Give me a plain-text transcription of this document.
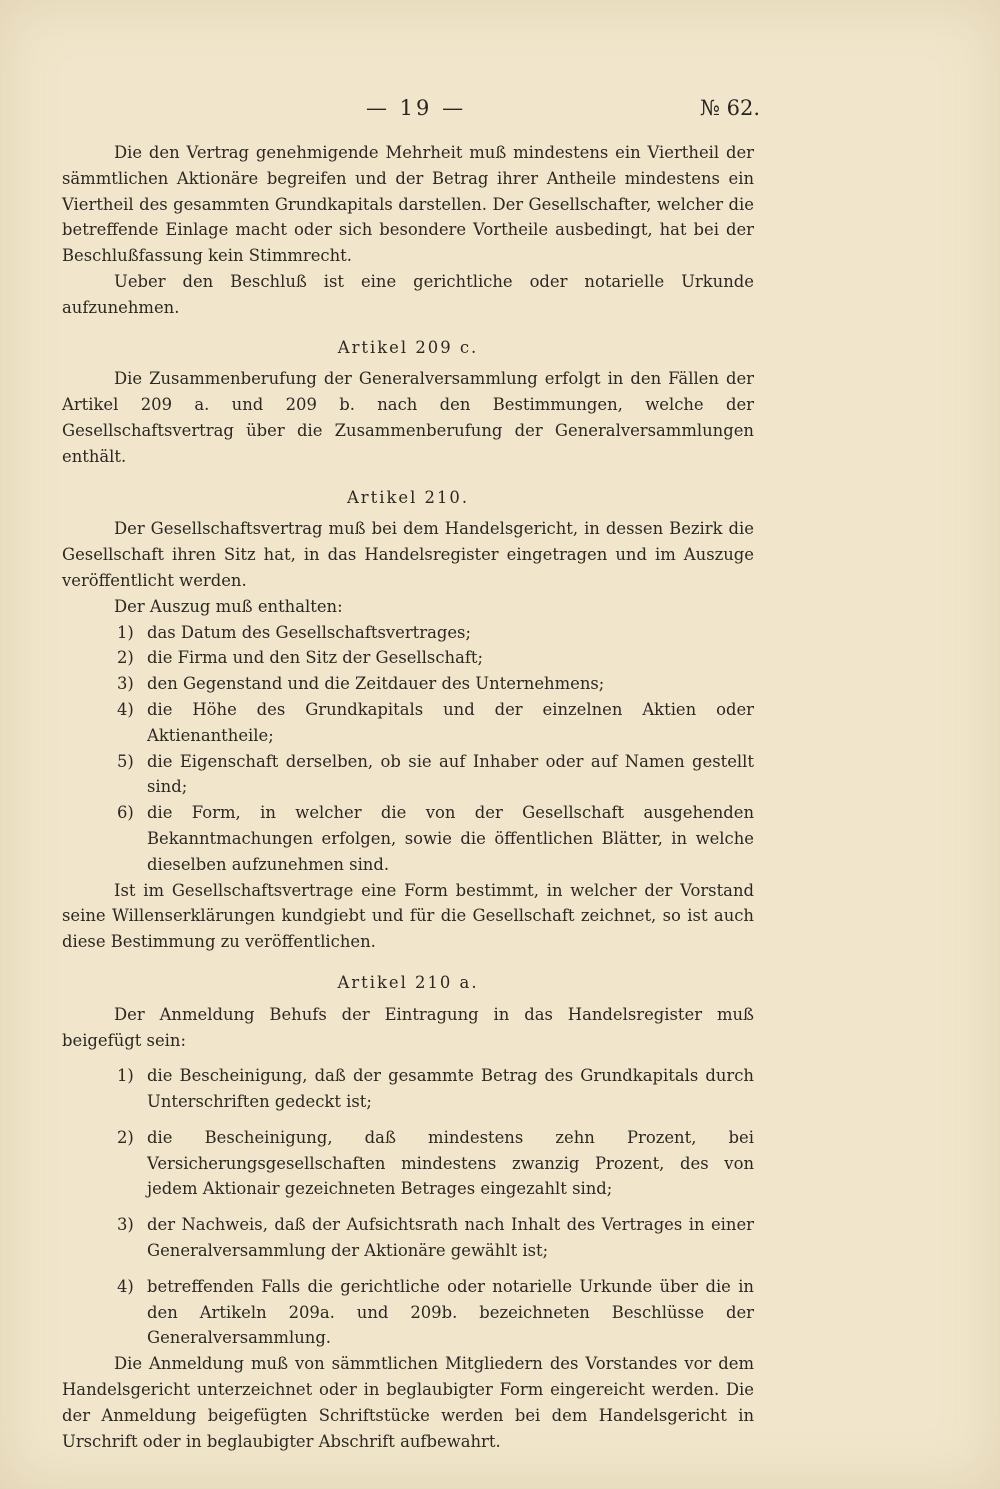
— 19 —	№ 62.

Die den Vertrag genehmigende Mehrheit muß mindestens ein Viertheil der sämmtlichen Aktionäre begreifen und der Betrag ihrer Antheile mindestens ein Viertheil des gesammten Grundkapitals darstellen. Der Gesellschafter, welcher die betreffende Einlage macht oder sich besondere Vortheile ausbedingt, hat bei der Beschlußfassung kein Stimmrecht.

Ueber den Beschluß ist eine gerichtliche oder notarielle Urkunde aufzunehmen.

Artikel 209 c.

Die Zusammenberufung der Generalversammlung erfolgt in den Fällen der Artikel 209 a. und 209 b. nach den Bestimmungen, welche der Gesellschaftsvertrag über die Zusammenberufung der Generalversammlungen enthält.

Artikel 210.

Der Gesellschaftsvertrag muß bei dem Handelsgericht, in dessen Bezirk die Gesellschaft ihren Sitz hat, in das Handelsregister eingetragen und im Auszuge veröffentlicht werden.

Der Auszug muß enthalten:

1) das Datum des Gesellschaftsvertrages;
2) die Firma und den Sitz der Gesellschaft;
3) den Gegenstand und die Zeitdauer des Unternehmens;
4) die Höhe des Grundkapitals und der einzelnen Aktien oder Aktienantheile;
5) die Eigenschaft derselben, ob sie auf Inhaber oder auf Namen gestellt sind;
6) die Form, in welcher die von der Gesellschaft ausgehenden Bekanntmachungen erfolgen, sowie die öffentlichen Blätter, in welche dieselben aufzunehmen sind.

Ist im Gesellschaftsvertrage eine Form bestimmt, in welcher der Vorstand seine Willenserklärungen kundgiebt und für die Gesellschaft zeichnet, so ist auch diese Bestimmung zu veröffentlichen.

Artikel 210 a.

Der Anmeldung Behufs der Eintragung in das Handelsregister muß beigefügt sein:

1) die Bescheinigung, daß der gesammte Betrag des Grundkapitals durch Unterschriften gedeckt ist;
2) die Bescheinigung, daß mindestens zehn Prozent, bei Versicherungsgesellschaften mindestens zwanzig Prozent, des von jedem Aktionair gezeichneten Betrages eingezahlt sind;
3) der Nachweis, daß der Aufsichtsrath nach Inhalt des Vertrages in einer Generalversammlung der Aktionäre gewählt ist;
4) betreffenden Falls die gerichtliche oder notarielle Urkunde über die in den Artikeln 209a. und 209b. bezeichneten Beschlüsse der Generalversammlung.

Die Anmeldung muß von sämmtlichen Mitgliedern des Vorstandes vor dem Handelsgericht unterzeichnet oder in beglaubigter Form eingereicht werden. Die der Anmeldung beigefügten Schriftstücke werden bei dem Handelsgericht in Urschrift oder in beglaubigter Abschrift aufbewahrt.
